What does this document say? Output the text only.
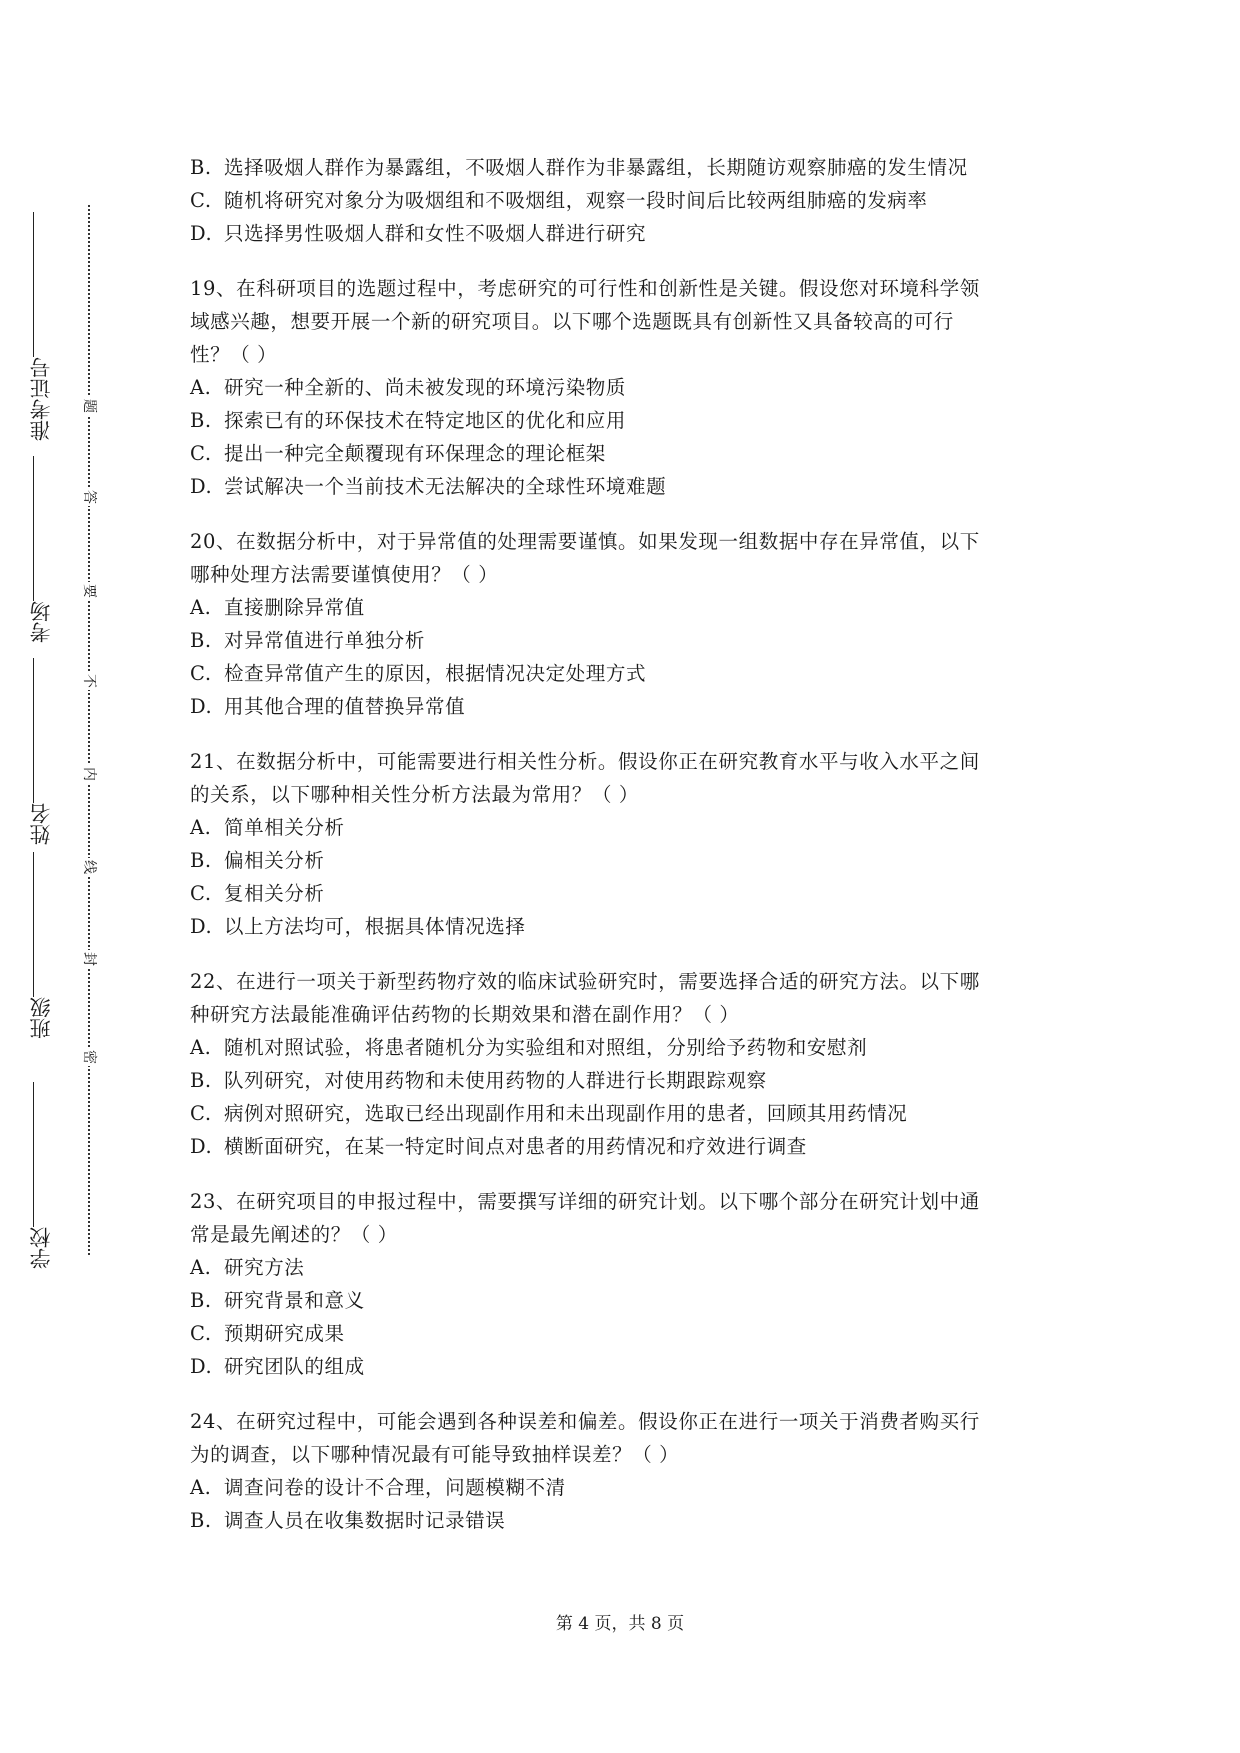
学校
班级
姓名
考场
准考证号
密
封
线
内
不
要
答
题

B. 选择吸烟人群作为暴露组，不吸烟人群作为非暴露组，长期随访观察肺癌的发生情况

C. 随机将研究对象分为吸烟组和不吸烟组，观察一段时间后比较两组肺癌的发病率

D. 只选择男性吸烟人群和女性不吸烟人群进行研究

19、在科研项目的选题过程中，考虑研究的可行性和创新性是关键。假设您对环境科学领
域感兴趣，想要开展一个新的研究项目。以下哪个选题既具有创新性又具备较高的可行
性？（ ）

A. 研究一种全新的、尚未被发现的环境污染物质

B. 探索已有的环保技术在特定地区的优化和应用

C. 提出一种完全颠覆现有环保理念的理论框架

D. 尝试解决一个当前技术无法解决的全球性环境难题

20、在数据分析中，对于异常值的处理需要谨慎。如果发现一组数据中存在异常值，以下
哪种处理方法需要谨慎使用？（ ）

A. 直接删除异常值

B. 对异常值进行单独分析

C. 检查异常值产生的原因，根据情况决定处理方式

D. 用其他合理的值替换异常值

21、在数据分析中，可能需要进行相关性分析。假设你正在研究教育水平与收入水平之间
的关系，以下哪种相关性分析方法最为常用？（ ）

A. 简单相关分析

B. 偏相关分析

C. 复相关分析

D. 以上方法均可，根据具体情况选择

22、在进行一项关于新型药物疗效的临床试验研究时，需要选择合适的研究方法。以下哪
种研究方法最能准确评估药物的长期效果和潜在副作用？（ ）

A. 随机对照试验，将患者随机分为实验组和对照组，分别给予药物和安慰剂

B. 队列研究，对使用药物和未使用药物的人群进行长期跟踪观察

C. 病例对照研究，选取已经出现副作用和未出现副作用的患者，回顾其用药情况

D. 横断面研究，在某一特定时间点对患者的用药情况和疗效进行调查

23、在研究项目的申报过程中，需要撰写详细的研究计划。以下哪个部分在研究计划中通
常是最先阐述的？（ ）

A. 研究方法

B. 研究背景和意义

C. 预期研究成果

D. 研究团队的组成

24、在研究过程中，可能会遇到各种误差和偏差。假设你正在进行一项关于消费者购买行
为的调查，以下哪种情况最有可能导致抽样误差？（ ）

A. 调查问卷的设计不合理，问题模糊不清

B. 调查人员在收集数据时记录错误

第 4 页，共 8 页
